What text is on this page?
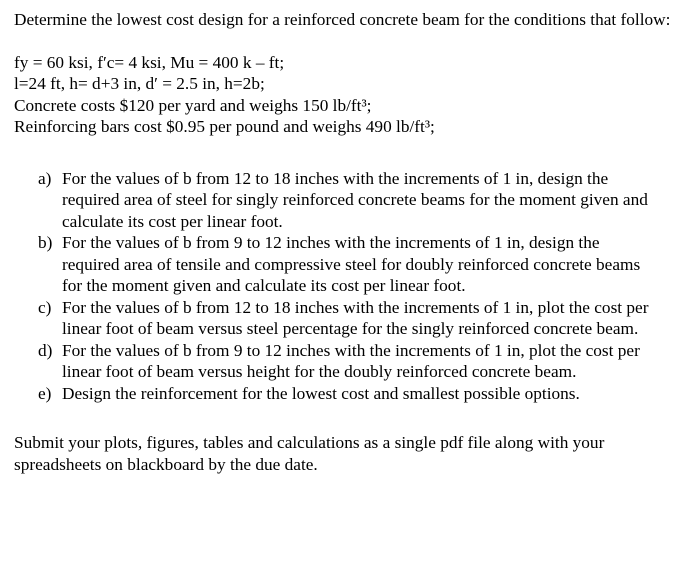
Determine the lowest cost design for a reinforced concrete beam for the conditions that follow:

fy = 60 ksi, f′c= 4 ksi, Mu = 400 k – ft;
l=24 ft, h= d+3 in, d′ = 2.5 in, h=2b;
Concrete costs $120 per yard and weighs 150 lb/ft³;
Reinforcing bars cost $0.95 per pound and weighs 490 lb/ft³;
a) For the values of b from 12 to 18 inches with the increments of 1 in, design the required area of steel for singly reinforced concrete beams for the moment given and calculate its cost per linear foot.
b) For the values of b from 9 to 12 inches with the increments of 1 in, design the required area of tensile and compressive steel for doubly reinforced concrete beams for the moment given and calculate its cost per linear foot.
c) For the values of b from 12 to 18 inches with the increments of 1 in, plot the cost per linear foot of beam versus steel percentage for the singly reinforced concrete beam.
d) For the values of b from 9 to 12 inches with the increments of 1 in, plot the cost per linear foot of beam versus height for the doubly reinforced concrete beam.
e) Design the reinforcement for the lowest cost and smallest possible options.

Submit your plots, figures, tables and calculations as a single pdf file along with your spreadsheets on blackboard by the due date.
